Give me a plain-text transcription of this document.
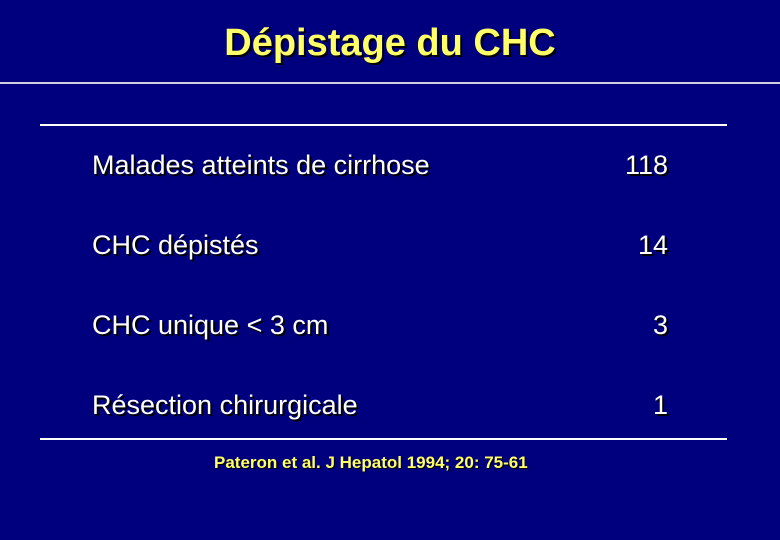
Dépistage du CHC
Malades atteints de cirrhose	118
CHC dépistés	14
CHC unique < 3 cm	3
Résection chirurgicale	1
Pateron et al. J Hepatol 1994; 20: 75-61
